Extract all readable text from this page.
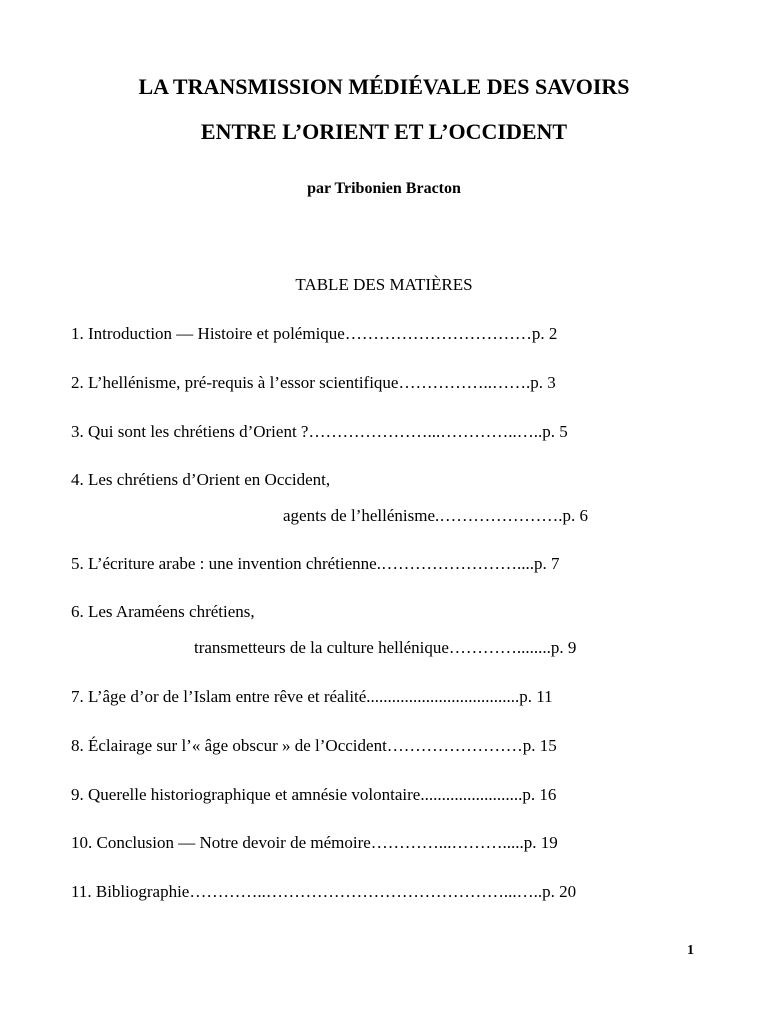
LA TRANSMISSION MÉDIÉVALE DES SAVOIRS
ENTRE L’ORIENT ET L’OCCIDENT
par Tribonien Bracton
TABLE DES MATIÈRES
1. Introduction — Histoire et polémique……………………………p. 2
2. L’hellénisme, pré-requis à l’essor scientifique……………..…….p. 3
3. Qui sont les chrétiens d’Orient ?…………………...…………..…..p. 5
4. Les chrétiens d’Orient en Occident,
agents de l’hellénisme.………………….p. 6
5. L’écriture arabe : une invention chrétienne.……………………....p. 7
6. Les Araméens chrétiens,
transmetteurs de la culture hellénique…………........p. 9
7. L’âge d’or de l’Islam entre rêve et réalité....................................p. 11
8. Éclairage sur l’« âge obscur » de l’Occident……………………p. 15
9. Querelle historiographique et amnésie volontaire........................p. 16
10. Conclusion — Notre devoir de mémoire…………...……….....p. 19
11. Bibliographie…………..……………………………………...…..p. 20
1
